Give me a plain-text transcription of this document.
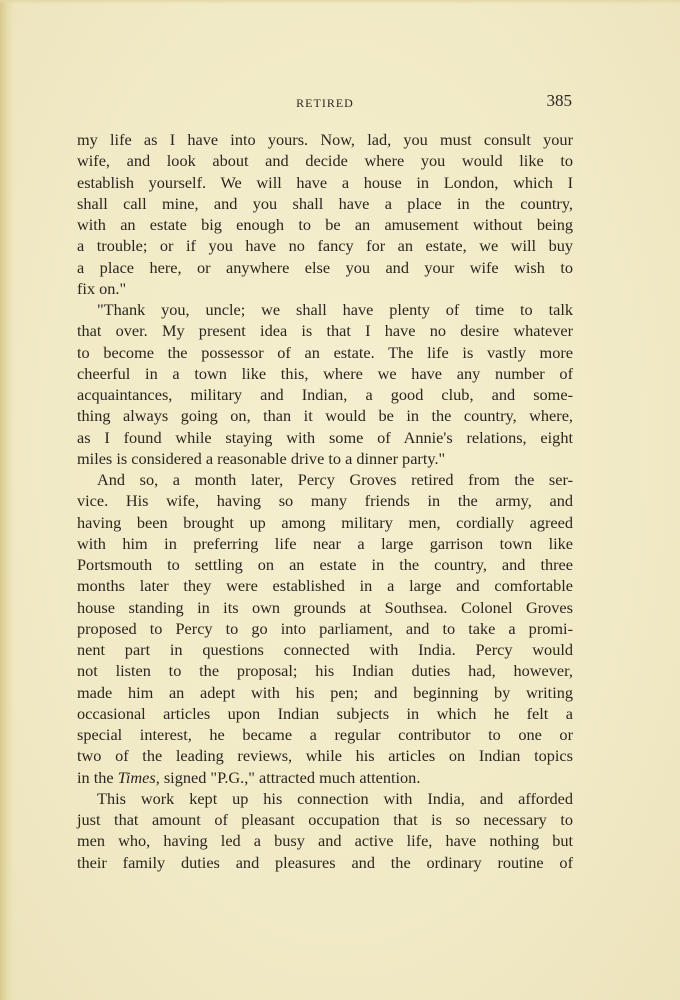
RETIRED	385
my life as I have into yours. Now, lad, you must consult your
wife, and look about and decide where you would like to
establish yourself. We will have a house in London, which I
shall call mine, and you shall have a place in the country,
with an estate big enough to be an amusement without being
a trouble; or if you have no fancy for an estate, we will buy
a place here, or anywhere else you and your wife wish to
fix on."
"Thank you, uncle; we shall have plenty of time to talk
that over. My present idea is that I have no desire whatever
to become the possessor of an estate. The life is vastly more
cheerful in a town like this, where we have any number of
acquaintances, military and Indian, a good club, and some-
thing always going on, than it would be in the country, where,
as I found while staying with some of Annie's relations, eight
miles is considered a reasonable drive to a dinner party."
And so, a month later, Percy Groves retired from the ser-
vice. His wife, having so many friends in the army, and
having been brought up among military men, cordially agreed
with him in preferring life near a large garrison town like
Portsmouth to settling on an estate in the country, and three
months later they were established in a large and comfortable
house standing in its own grounds at Southsea. Colonel Groves
proposed to Percy to go into parliament, and to take a promi-
nent part in questions connected with India. Percy would
not listen to the proposal; his Indian duties had, however,
made him an adept with his pen; and beginning by writing
occasional articles upon Indian subjects in which he felt a
special interest, he became a regular contributor to one or
two of the leading reviews, while his articles on Indian topics
in the Times, signed "P.G.," attracted much attention.
This work kept up his connection with India, and afforded
just that amount of pleasant occupation that is so necessary to
men who, having led a busy and active life, have nothing but
their family duties and pleasures and the ordinary routine of
